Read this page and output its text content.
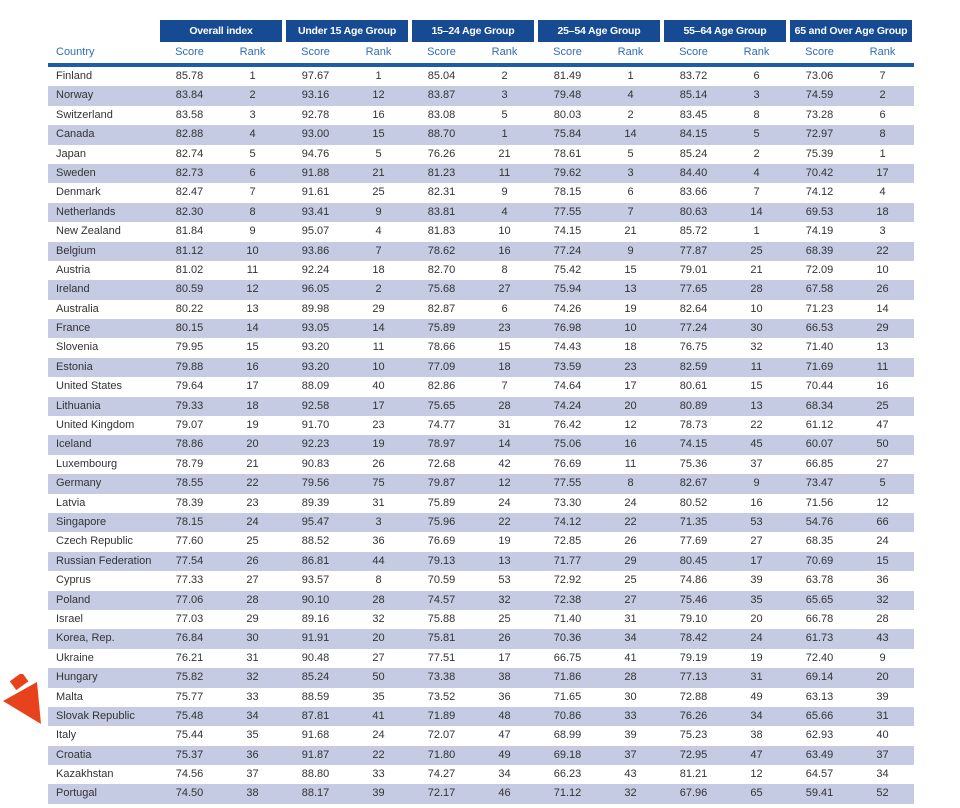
Overall index	Under 15 Age Group	15–24 Age Group	25–54 Age Group	55–64 Age Group	65 and Over Age Group
Country	Score	Rank	Score	Rank	Score	Rank	Score	Rank	Score	Rank	Score	Rank
Finland	85.78	1	97.67	1	85.04	2	81.49	1	83.72	6	73.06	7
Norway	83.84	2	93.16	12	83.87	3	79.48	4	85.14	3	74.59	2
Switzerland	83.58	3	92.78	16	83.08	5	80.03	2	83.45	8	73.28	6
Canada	82.88	4	93.00	15	88.70	1	75.84	14	84.15	5	72.97	8
Japan	82.74	5	94.76	5	76.26	21	78.61	5	85.24	2	75.39	1
Sweden	82.73	6	91.88	21	81.23	11	79.62	3	84.40	4	70.42	17
Denmark	82.47	7	91.61	25	82.31	9	78.15	6	83.66	7	74.12	4
Netherlands	82.30	8	93.41	9	83.81	4	77.55	7	80.63	14	69.53	18
New Zealand	81.84	9	95.07	4	81.83	10	74.15	21	85.72	1	74.19	3
Belgium	81.12	10	93.86	7	78.62	16	77.24	9	77.87	25	68.39	22
Austria	81.02	11	92.24	18	82.70	8	75.42	15	79.01	21	72.09	10
Ireland	80.59	12	96.05	2	75.68	27	75.94	13	77.65	28	67.58	26
Australia	80.22	13	89.98	29	82.87	6	74.26	19	82.64	10	71.23	14
France	80.15	14	93.05	14	75.89	23	76.98	10	77.24	30	66.53	29
Slovenia	79.95	15	93.20	11	78.66	15	74.43	18	76.75	32	71.40	13
Estonia	79.88	16	93.20	10	77.09	18	73.59	23	82.59	11	71.69	11
United States	79.64	17	88.09	40	82.86	7	74.64	17	80.61	15	70.44	16
Lithuania	79.33	18	92.58	17	75.65	28	74.24	20	80.89	13	68.34	25
United Kingdom	79.07	19	91.70	23	74.77	31	76.42	12	78.73	22	61.12	47
Iceland	78.86	20	92.23	19	78.97	14	75.06	16	74.15	45	60.07	50
Luxembourg	78.79	21	90.83	26	72.68	42	76.69	11	75.36	37	66.85	27
Germany	78.55	22	79.56	75	79.87	12	77.55	8	82.67	9	73.47	5
Latvia	78.39	23	89.39	31	75.89	24	73.30	24	80.52	16	71.56	12
Singapore	78.15	24	95.47	3	75.96	22	74.12	22	71.35	53	54.76	66
Czech Republic	77.60	25	88.52	36	76.69	19	72.85	26	77.69	27	68.35	24
Russian Federation	77.54	26	86.81	44	79.13	13	71.77	29	80.45	17	70.69	15
Cyprus	77.33	27	93.57	8	70.59	53	72.92	25	74.86	39	63.78	36
Poland	77.06	28	90.10	28	74.57	32	72.38	27	75.46	35	65.65	32
Israel	77.03	29	89.16	32	75.88	25	71.40	31	79.10	20	66.78	28
Korea, Rep.	76.84	30	91.91	20	75.81	26	70.36	34	78.42	24	61.73	43
Ukraine	76.21	31	90.48	27	77.51	17	66.75	41	79.19	19	72.40	9
Hungary	75.82	32	85.24	50	73.38	38	71.86	28	77.13	31	69.14	20
Malta	75.77	33	88.59	35	73.52	36	71.65	30	72.88	49	63.13	39
Slovak Republic	75.48	34	87.81	41	71.89	48	70.86	33	76.26	34	65.66	31
Italy	75.44	35	91.68	24	72.07	47	68.99	39	75.23	38	62.93	40
Croatia	75.37	36	91.87	22	71.80	49	69.18	37	72.95	47	63.49	37
Kazakhstan	74.56	37	88.80	33	74.27	34	66.23	43	81.21	12	64.57	34
Portugal	74.50	38	88.17	39	72.17	46	71.12	32	67.96	65	59.41	52
